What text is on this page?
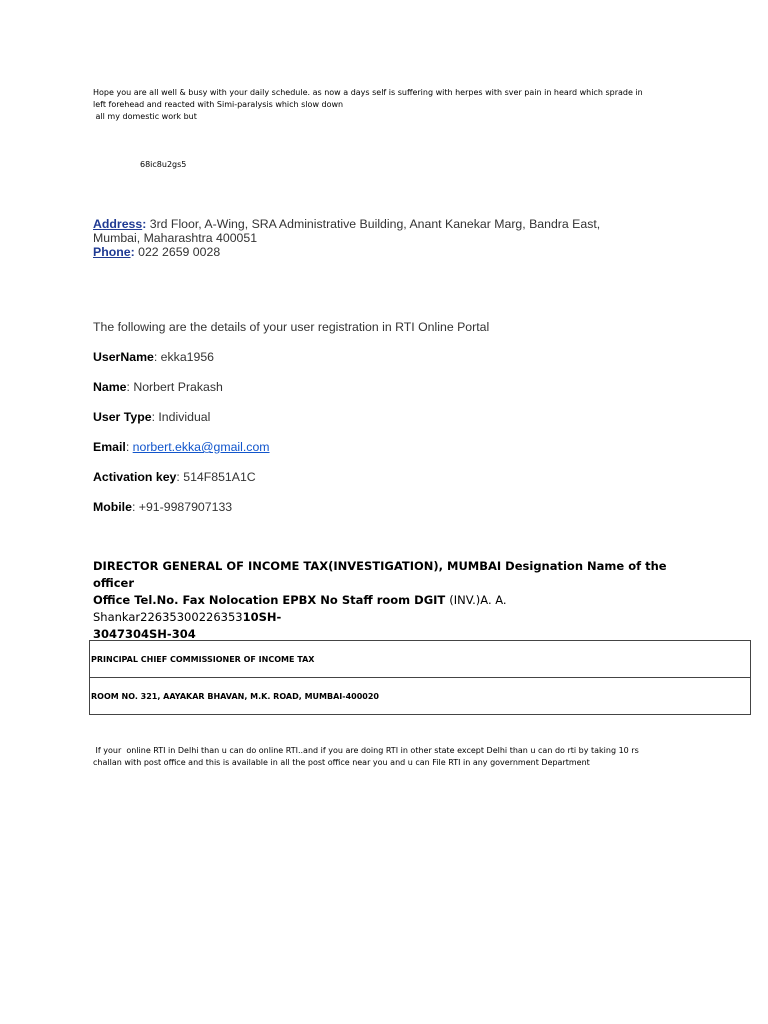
Hope you are all well & busy with your daily schedule. as now a days self is suffering with herpes with sver pain in heard which sprade in
left forehead and reacted with Simi-paralysis which slow down
all my domestic work but
68ic8u2gs5
Address: 3rd Floor, A-Wing, SRA Administrative Building, Anant Kanekar Marg, Bandra East,
Mumbai, Maharashtra 400051
Phone: 022 2659 0028
The following are the details of your user registration in RTI Online Portal
UserName: ekka1956
Name: Norbert Prakash
User Type: Individual
Email: norbert.ekka@gmail.com
Activation key: 514F851A1C
Mobile: +91-9987907133
DIRECTOR GENERAL OF INCOME TAX(INVESTIGATION), MUMBAI Designation Name of the officer
Office Tel.No. Fax Nolocation EPBX No Staff room DGIT (INV.)A. A. Shankar2263530022635310SH-
3047304SH-304
PRINCIPAL CHIEF COMMISSIONER OF INCOME TAX
ROOM NO. 321, AAYAKAR BHAVAN, M.K. ROAD, MUMBAI-400020
If your  online RTI in Delhi than u can do online RTI..and if you are doing RTI in other state except Delhi than u can do rti by taking 10 rs
challan with post office and this is available in all the post office near you and u can File RTI in any government Department
